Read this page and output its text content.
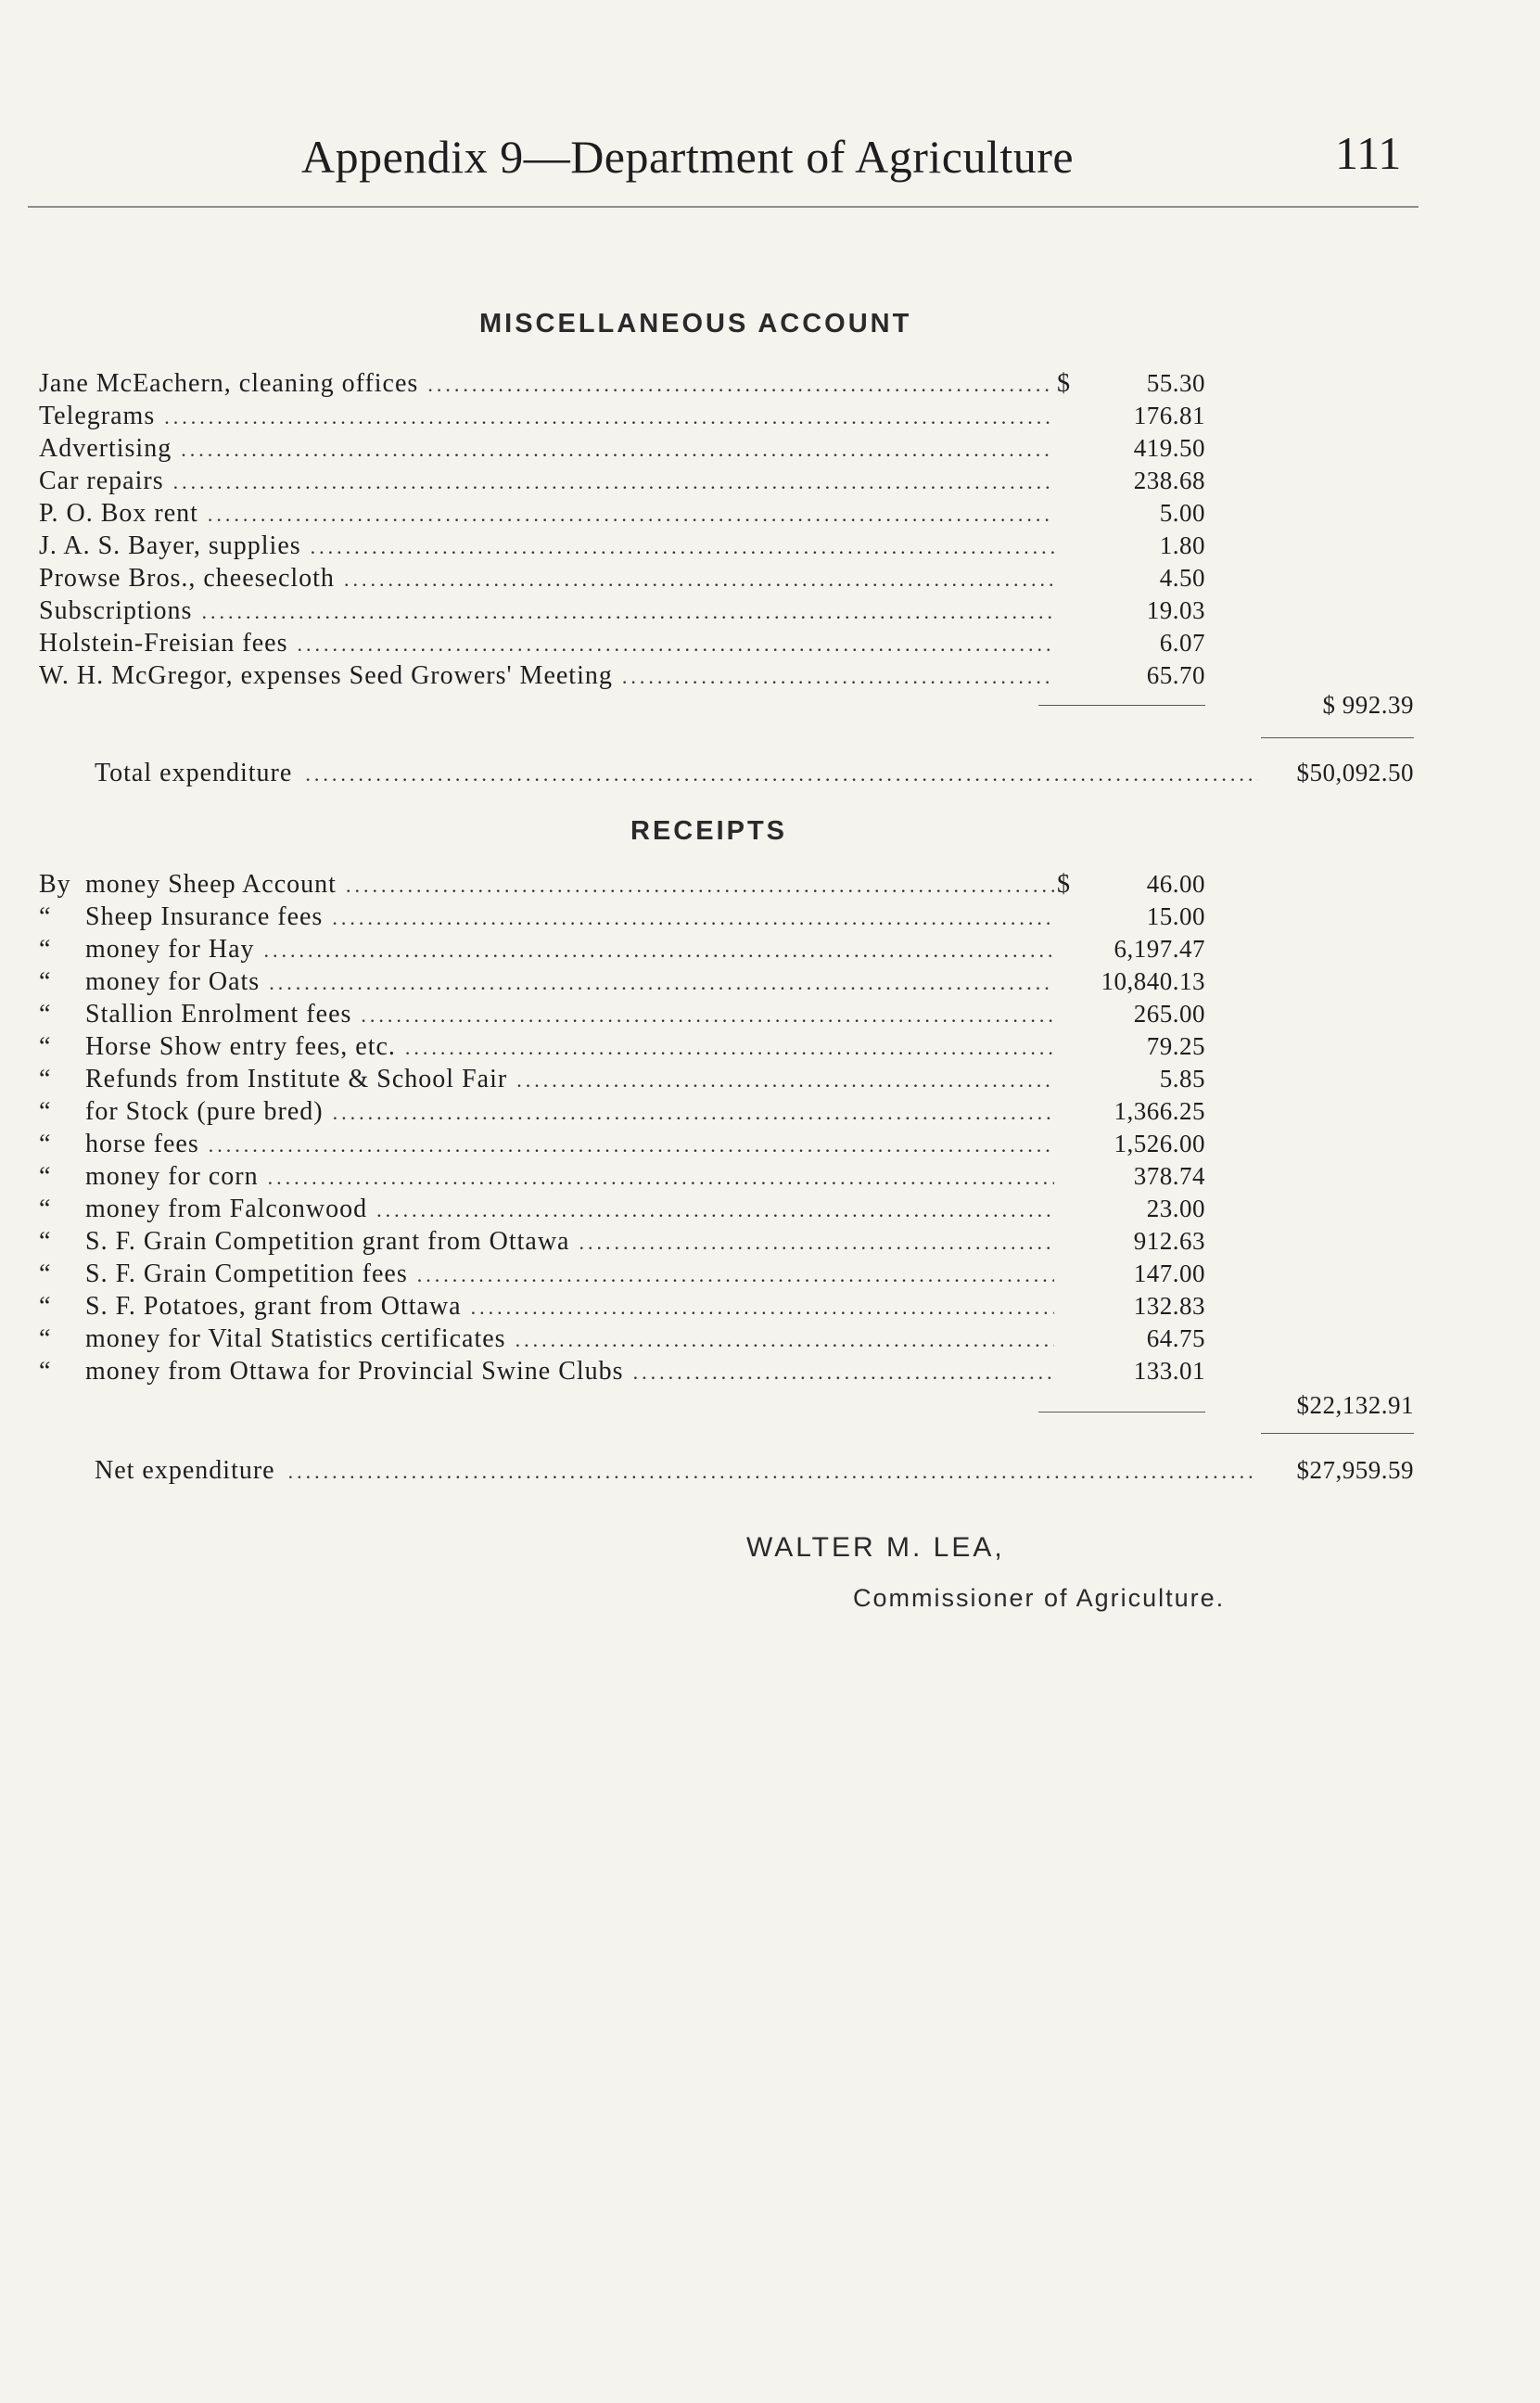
Appendix 9—Department of Agriculture	111
MISCELLANEOUS ACCOUNT
Jane McEachern, cleaning offices .....	$	55.30
Telegrams .....	176.81
Advertising .....	419.50
Car repairs .....	238.68
P. O. Box rent .....	5.00
J. A. S. Bayer, supplies .....	1.80
Prowse Bros., cheesecloth .....	4.50
Subscriptions .....	19.03
Holstein-Freisian fees .....	6.07
W. H. McGregor, expenses Seed Growers' Meeting .....	65.70
$ 992.39
Total expenditure .....	$50,092.50
RECEIPTS
By money Sheep Account .....	$	46.00
“	Sheep Insurance fees .....	15.00
“	money for Hay .....	6,197.47
“	money for Oats .....	10,840.13
“	Stallion Enrolment fees .....	265.00
“	Horse Show entry fees, etc. .....	79.25
“	Refunds from Institute & School Fair .....	5.85
“	for Stock (pure bred) .....	1,366.25
“	horse fees .....	1,526.00
“	money for corn .....	378.74
“	money from Falconwood .....	23.00
“	S. F. Grain Competition grant from Ottawa .....	912.63
“	S. F. Grain Competition fees .....	147.00
“	S. F. Potatoes, grant from Ottawa .....	132.83
“	money for Vital Statistics certificates .....	64.75
“	money from Ottawa for Provincial Swine Clubs .....	133.01
$22,132.91
Net expenditure .....	$27,959.59
WALTER M. LEA,
Commissioner of Agriculture.
